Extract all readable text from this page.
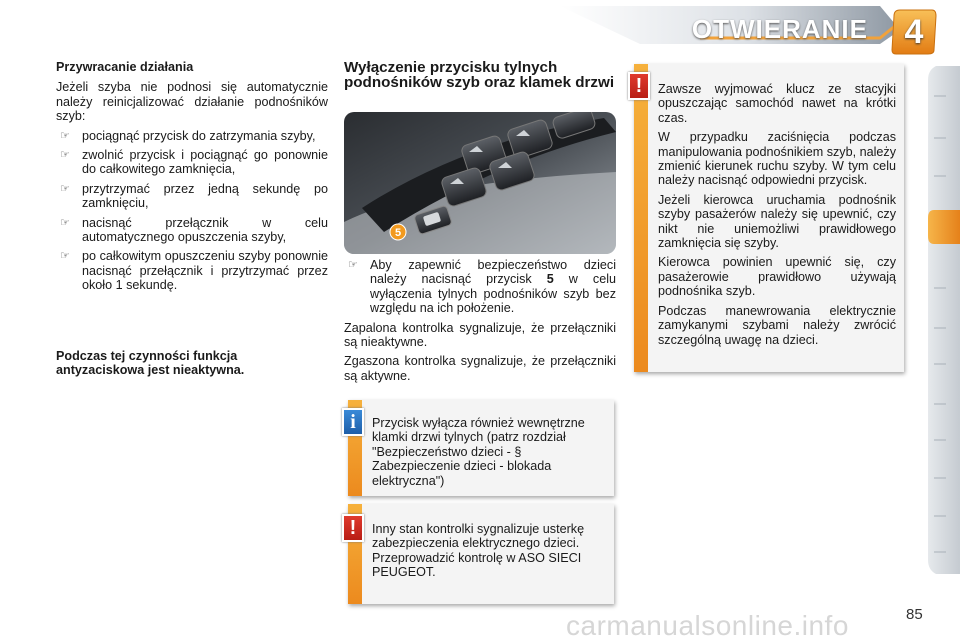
OTWIERANIE	4
Przywracanie działania

Jeżeli szyba nie podnosi się automatycznie należy reinicjalizować działanie podnośników szyb:

☞ pociągnąć przycisk do zatrzymania szyby,
☞ zwolnić przycisk i pociągnąć go ponownie do całkowitego zamknięcia,
☞ przytrzymać przez jedną sekundę po zamknięciu,
☞ nacisnąć przełącznik w celu automatycznego opuszczenia szyby,
☞ po całkowitym opuszczeniu szyby ponownie nacisnąć przełącznik i przytrzymać przez około 1 sekundę.
Podczas tej czynności funkcja antyzaciskowa jest nieaktywna.
Wyłączenie przycisku tylnych podnośników szyb oraz klamek drzwi
5
☞ Aby zapewnić bezpieczeństwo dzieci należy nacisnąć przycisk 5 w celu wyłączenia tylnych podnośników szyb bez względu na ich położenie.

Zapalona kontrolka sygnalizuje, że przełączniki są nieaktywne.

Zgaszona kontrolka sygnalizuje, że przełączniki są aktywne.

Przycisk wyłącza również wewnętrzne klamki drzwi tylnych (patrz rozdział "Bezpieczeństwo dzieci - § Zabezpieczenie dzieci - blokada elektryczna")
i
Inny stan kontrolki sygnalizuje usterkę zabezpieczenia elektrycznego dzieci. Przeprowadzić kontrolę w ASO SIECI PEUGEOT.
!

Zawsze wyjmować klucz ze stacyjki opuszczając samochód nawet na krótki czas.

W przypadku zaciśnięcia podczas manipulowania podnośnikiem szyb, należy zmienić kierunek ruchu szyby. W tym celu należy nacisnąć odpowiedni przycisk.

Jeżeli kierowca uruchamia podnośnik szyby pasażerów należy się upewnić, czy nikt nie uniemożliwi prawidłowego zamknięcia się szyby.

Kierowca powinien upewnić się, czy pasażerowie prawidłowo używają podnośnika szyb.

Podczas manewrowania elektrycznie zamykanymi szybami należy zwrócić szczególną uwagę na dzieci.

!
85
carmanualsonline.info
